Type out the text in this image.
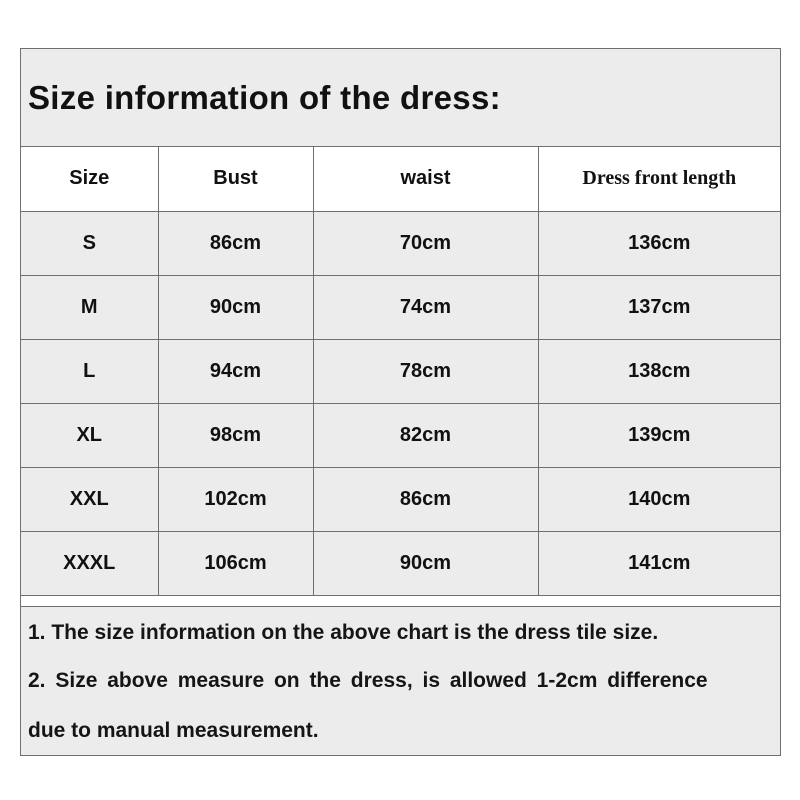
Size information of the dress:
Size	Bust	waist	Dress front length
S	86cm	70cm	136cm
M	90cm	74cm	137cm
L	94cm	78cm	138cm
XL	98cm	82cm	139cm
XXL	102cm	86cm	140cm
XXXL	106cm	90cm	141cm
1. The size information on the above chart is the dress tile size.
2. Size above measure on the dress, is allowed 1-2cm difference
due to manual measurement.
